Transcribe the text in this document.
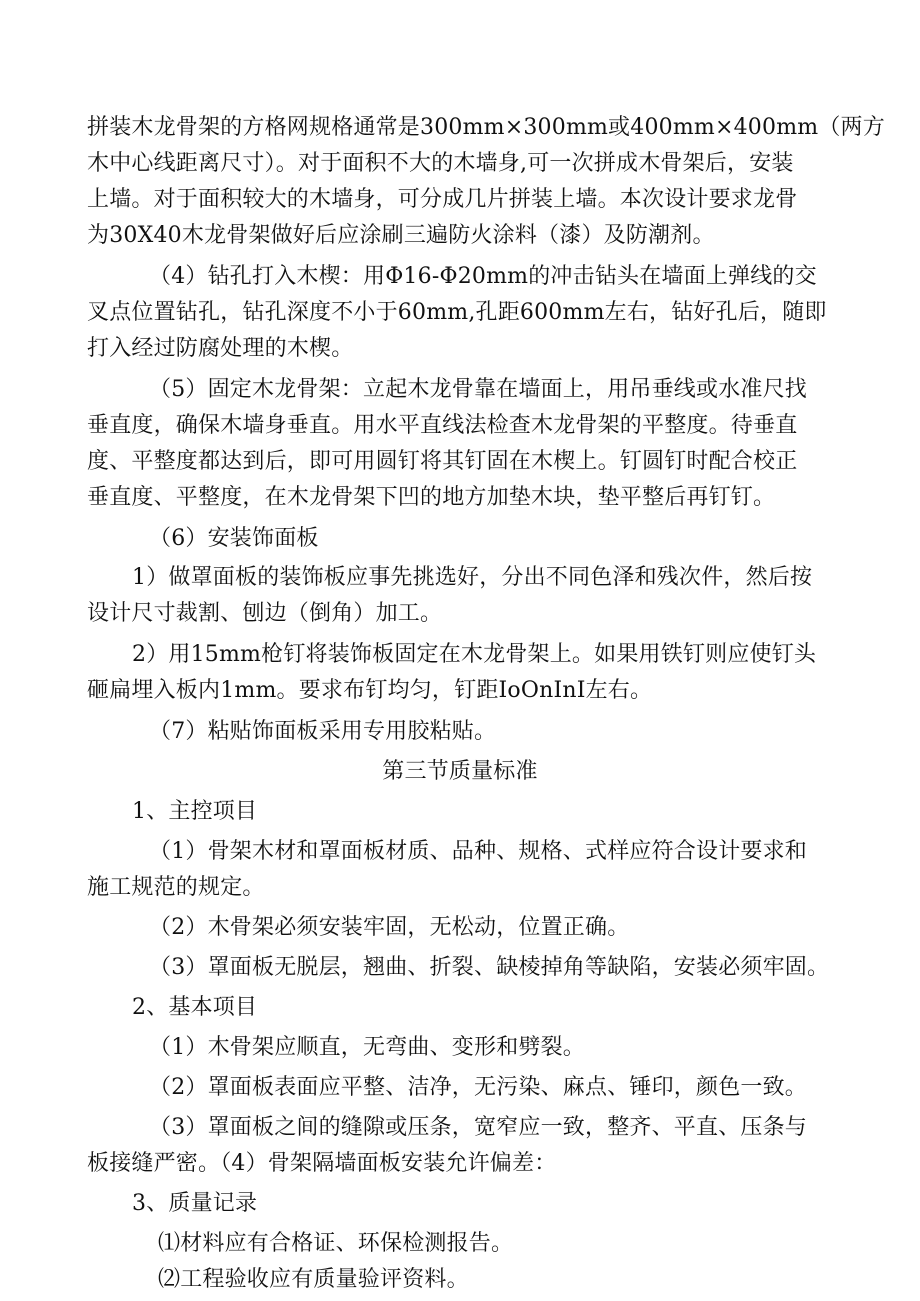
拼装木龙骨架的方格网规格通常是300mm×300mm或400mm×400mm（两方
木中心线距离尺寸）。对于面积不大的木墙身,可一次拼成木骨架后，安装
上墙。对于面积较大的木墙身，可分成几片拼装上墙。本次设计要求龙骨
为30X40木龙骨架做好后应涂刷三遍防火涂料（漆）及防潮剂。
（4）钻孔打入木楔：用Φ16-Φ20mm的冲击钻头在墙面上弹线的交
叉点位置钻孔，钻孔深度不小于60mm,孔距600mm左右，钻好孔后，随即
打入经过防腐处理的木楔。
（5）固定木龙骨架：立起木龙骨靠在墙面上，用吊垂线或水准尺找
垂直度，确保木墙身垂直。用水平直线法检查木龙骨架的平整度。待垂直
度、平整度都达到后，即可用圆钉将其钉固在木楔上。钉圆钉时配合校正
垂直度、平整度，在木龙骨架下凹的地方加垫木块，垫平整后再钉钉。
（6）安装饰面板
1）做罩面板的装饰板应事先挑选好，分出不同色泽和残次件，然后按
设计尺寸裁割、刨边（倒角）加工。
2）用15mm枪钉将装饰板固定在木龙骨架上。如果用铁钉则应使钉头
砸扁埋入板内1mm。要求布钉均匀，钉距IoOnInI左右。
（7）粘贴饰面板采用专用胶粘贴。
第三节质量标准
1、主控项目
（1）骨架木材和罩面板材质、品种、规格、式样应符合设计要求和
施工规范的规定。
（2）木骨架必须安装牢固，无松动，位置正确。
（3）罩面板无脱层，翘曲、折裂、缺棱掉角等缺陷，安装必须牢固。
2、基本项目
（1）木骨架应顺直，无弯曲、变形和劈裂。
（2）罩面板表面应平整、洁净，无污染、麻点、锤印，颜色一致。
（3）罩面板之间的缝隙或压条，宽窄应一致，整齐、平直、压条与
板接缝严密。（4）骨架隔墙面板安装允许偏差：
3、质量记录
⑴材料应有合格证、环保检测报告。
⑵工程验收应有质量验评资料。
